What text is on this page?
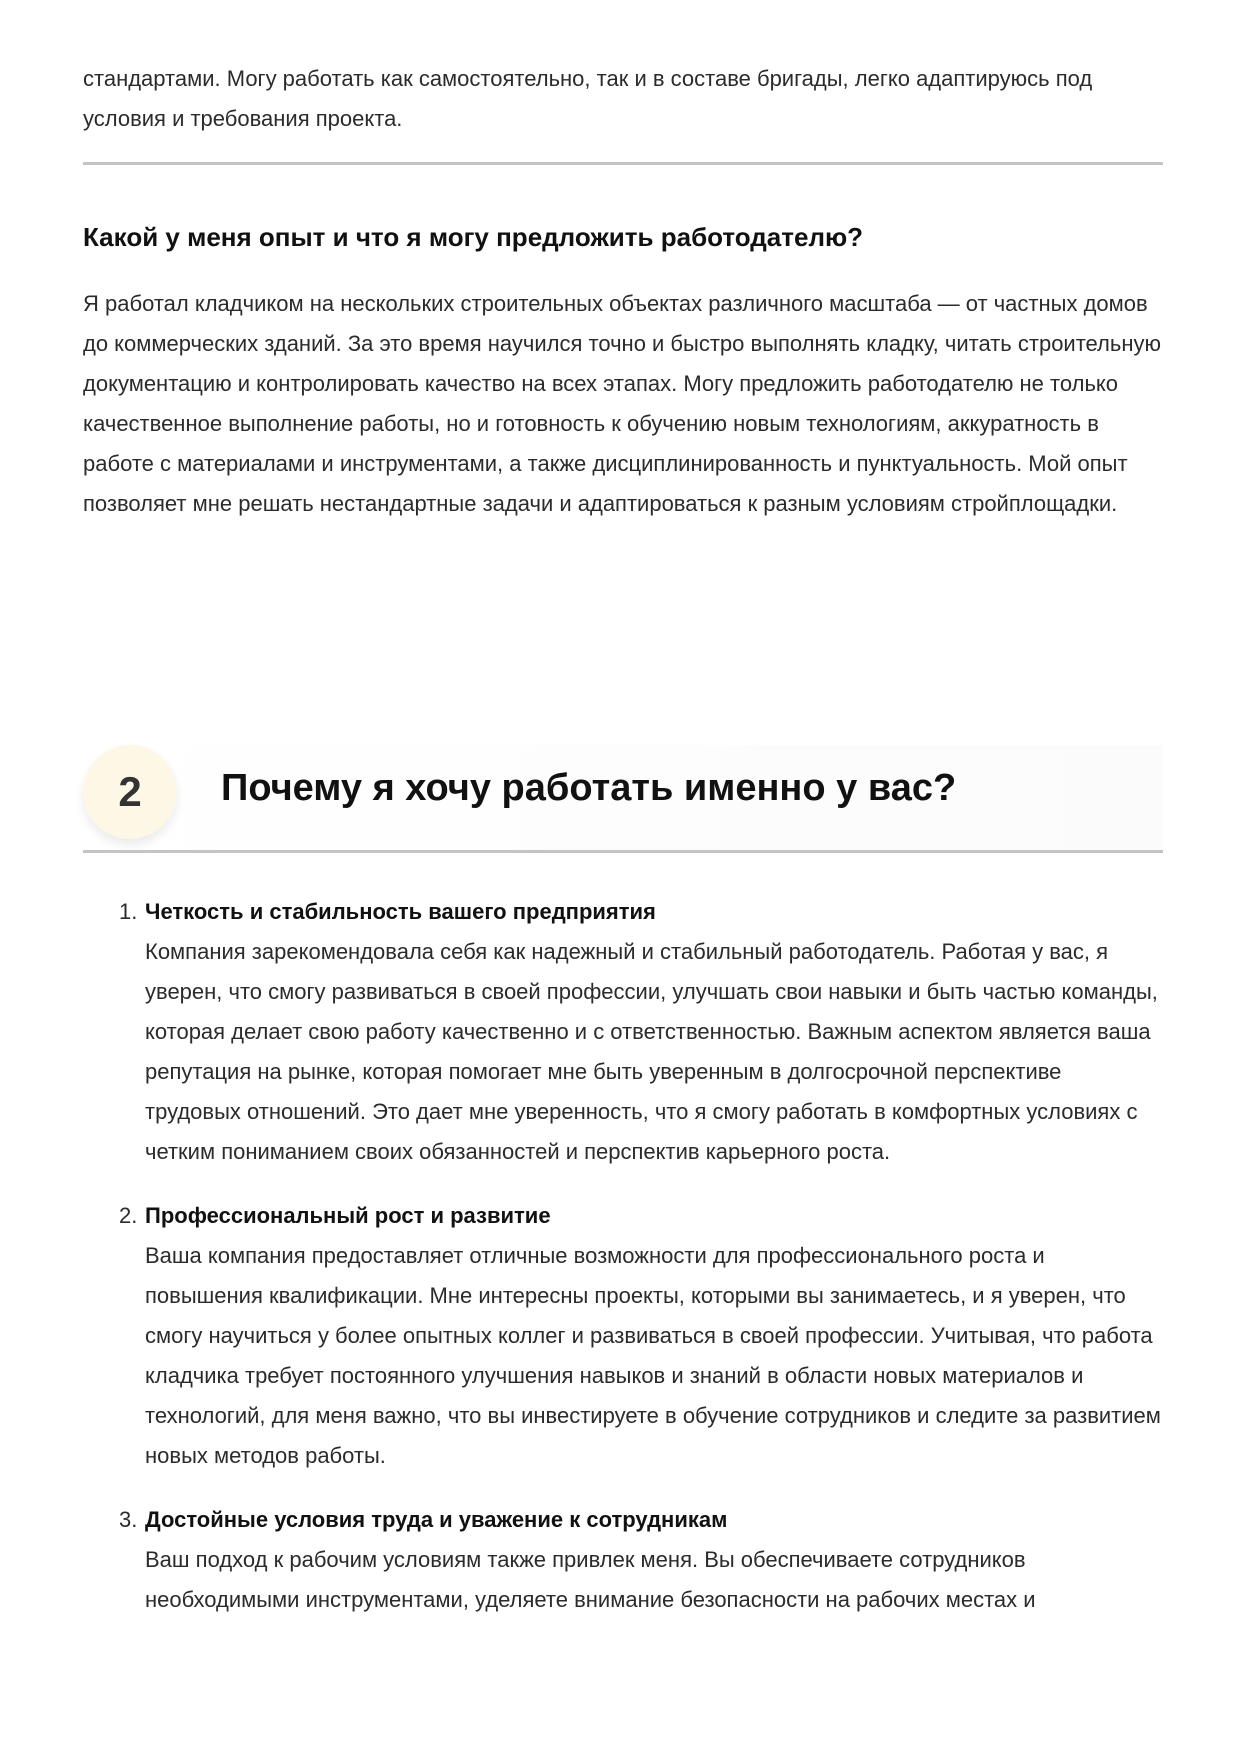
стандартами. Могу работать как самостоятельно, так и в составе бригады, легко адаптируюсь под условия и требования проекта.

Какой у меня опыт и что я могу предложить работодателю?

Я работал кладчиком на нескольких строительных объектах различного масштаба — от частных домов до коммерческих зданий. За это время научился точно и быстро выполнять кладку, читать строительную документацию и контролировать качество на всех этапах. Могу предложить работодателю не только качественное выполнение работы, но и готовность к обучению новым технологиям, аккуратность в работе с материалами и инструментами, а также дисциплинированность и пунктуальность. Мой опыт позволяет мне решать нестандартные задачи и адаптироваться к разным условиям стройплощадки.

2	Почему я хочу работать именно у вас?
1. Четкость и стабильность вашего предприятия

Компания зарекомендовала себя как надежный и стабильный работодатель. Работая у вас, я уверен, что смогу развиваться в своей профессии, улучшать свои навыки и быть частью команды, которая делает свою работу качественно и с ответственностью. Важным аспектом является ваша репутация на рынке, которая помогает мне быть уверенным в долгосрочной перспективе трудовых отношений. Это дает мне уверенность, что я смогу работать в комфортных условиях с четким пониманием своих обязанностей и перспектив карьерного роста.

2. Профессиональный рост и развитие

Ваша компания предоставляет отличные возможности для профессионального роста и повышения квалификации. Мне интересны проекты, которыми вы занимаетесь, и я уверен, что смогу научиться у более опытных коллег и развиваться в своей профессии. Учитывая, что работа кладчика требует постоянного улучшения навыков и знаний в области новых материалов и технологий, для меня важно, что вы инвестируете в обучение сотрудников и следите за развитием новых методов работы.

3. Достойные условия труда и уважение к сотрудникам

Ваш подход к рабочим условиям также привлек меня. Вы обеспечиваете сотрудников необходимыми инструментами, уделяете внимание безопасности на рабочих местах и
